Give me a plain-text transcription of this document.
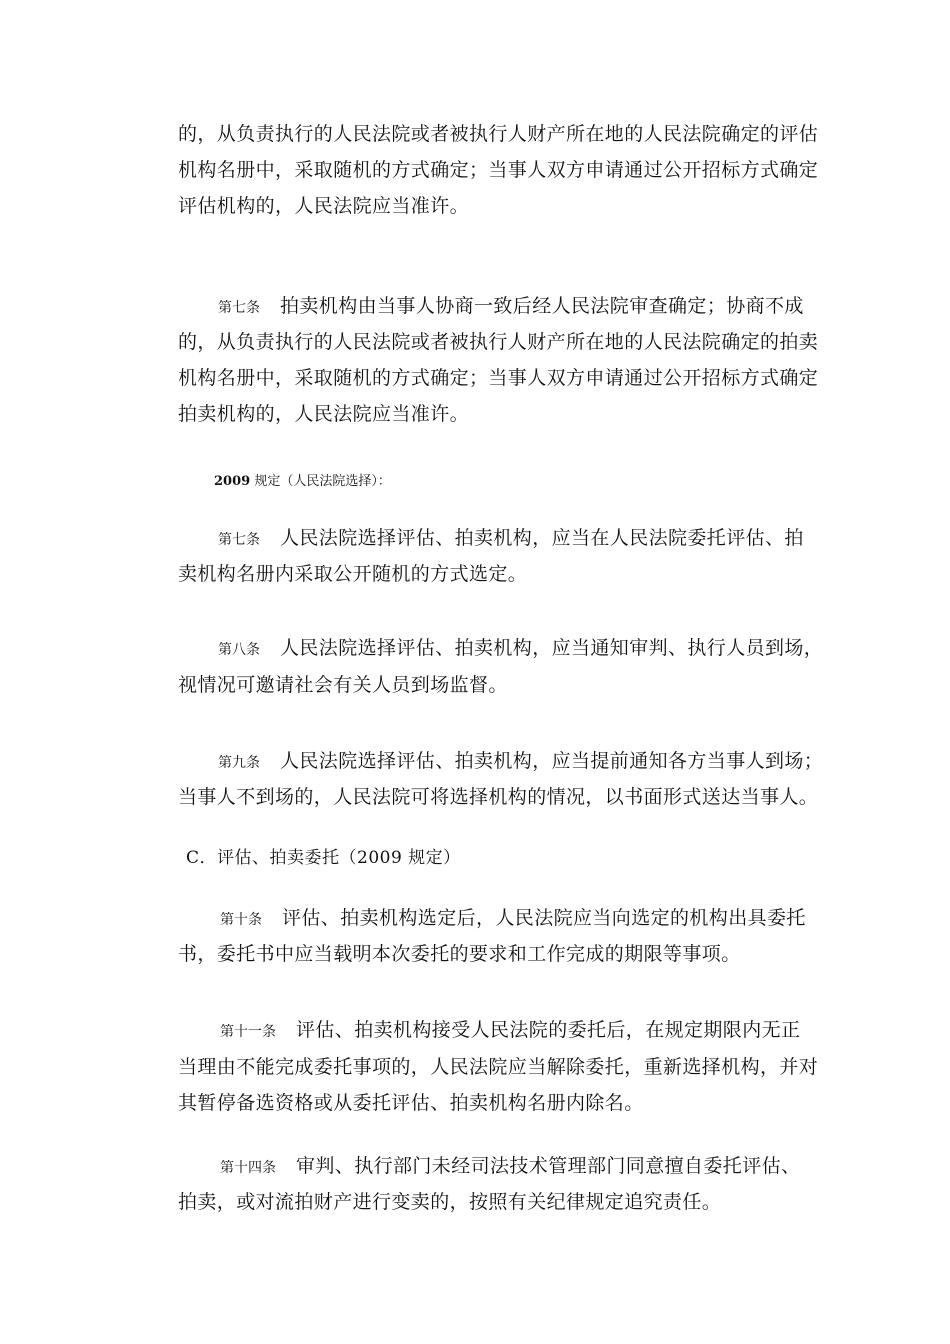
的，从负责执行的人民法院或者被执行人财产所在地的人民法院确定的评估
机构名册中，采取随机的方式确定；当事人双方申请通过公开招标方式确定
评估机构的，人民法院应当准许。
第七条 拍卖机构由当事人协商一致后经人民法院审查确定；协商不成
的，从负责执行的人民法院或者被执行人财产所在地的人民法院确定的拍卖
机构名册中，采取随机的方式确定；当事人双方申请通过公开招标方式确定
拍卖机构的，人民法院应当准许。
2009 规定（人民法院选择）：
第七条 人民法院选择评估、拍卖机构，应当在人民法院委托评估、拍
卖机构名册内采取公开随机的方式选定。
第八条 人民法院选择评估、拍卖机构，应当通知审判、执行人员到场，
视情况可邀请社会有关人员到场监督。
第九条 人民法院选择评估、拍卖机构，应当提前通知各方当事人到场；
当事人不到场的，人民法院可将选择机构的情况，以书面形式送达当事人。
C．评估、拍卖委托（2009 规定）
第十条 评估、拍卖机构选定后，人民法院应当向选定的机构出具委托
书，委托书中应当载明本次委托的要求和工作完成的期限等事项。
第十一条 评估、拍卖机构接受人民法院的委托后，在规定期限内无正
当理由不能完成委托事项的，人民法院应当解除委托，重新选择机构，并对
其暂停备选资格或从委托评估、拍卖机构名册内除名。
第十四条 审判、执行部门未经司法技术管理部门同意擅自委托评估、
拍卖，或对流拍财产进行变卖的，按照有关纪律规定追究责任。
